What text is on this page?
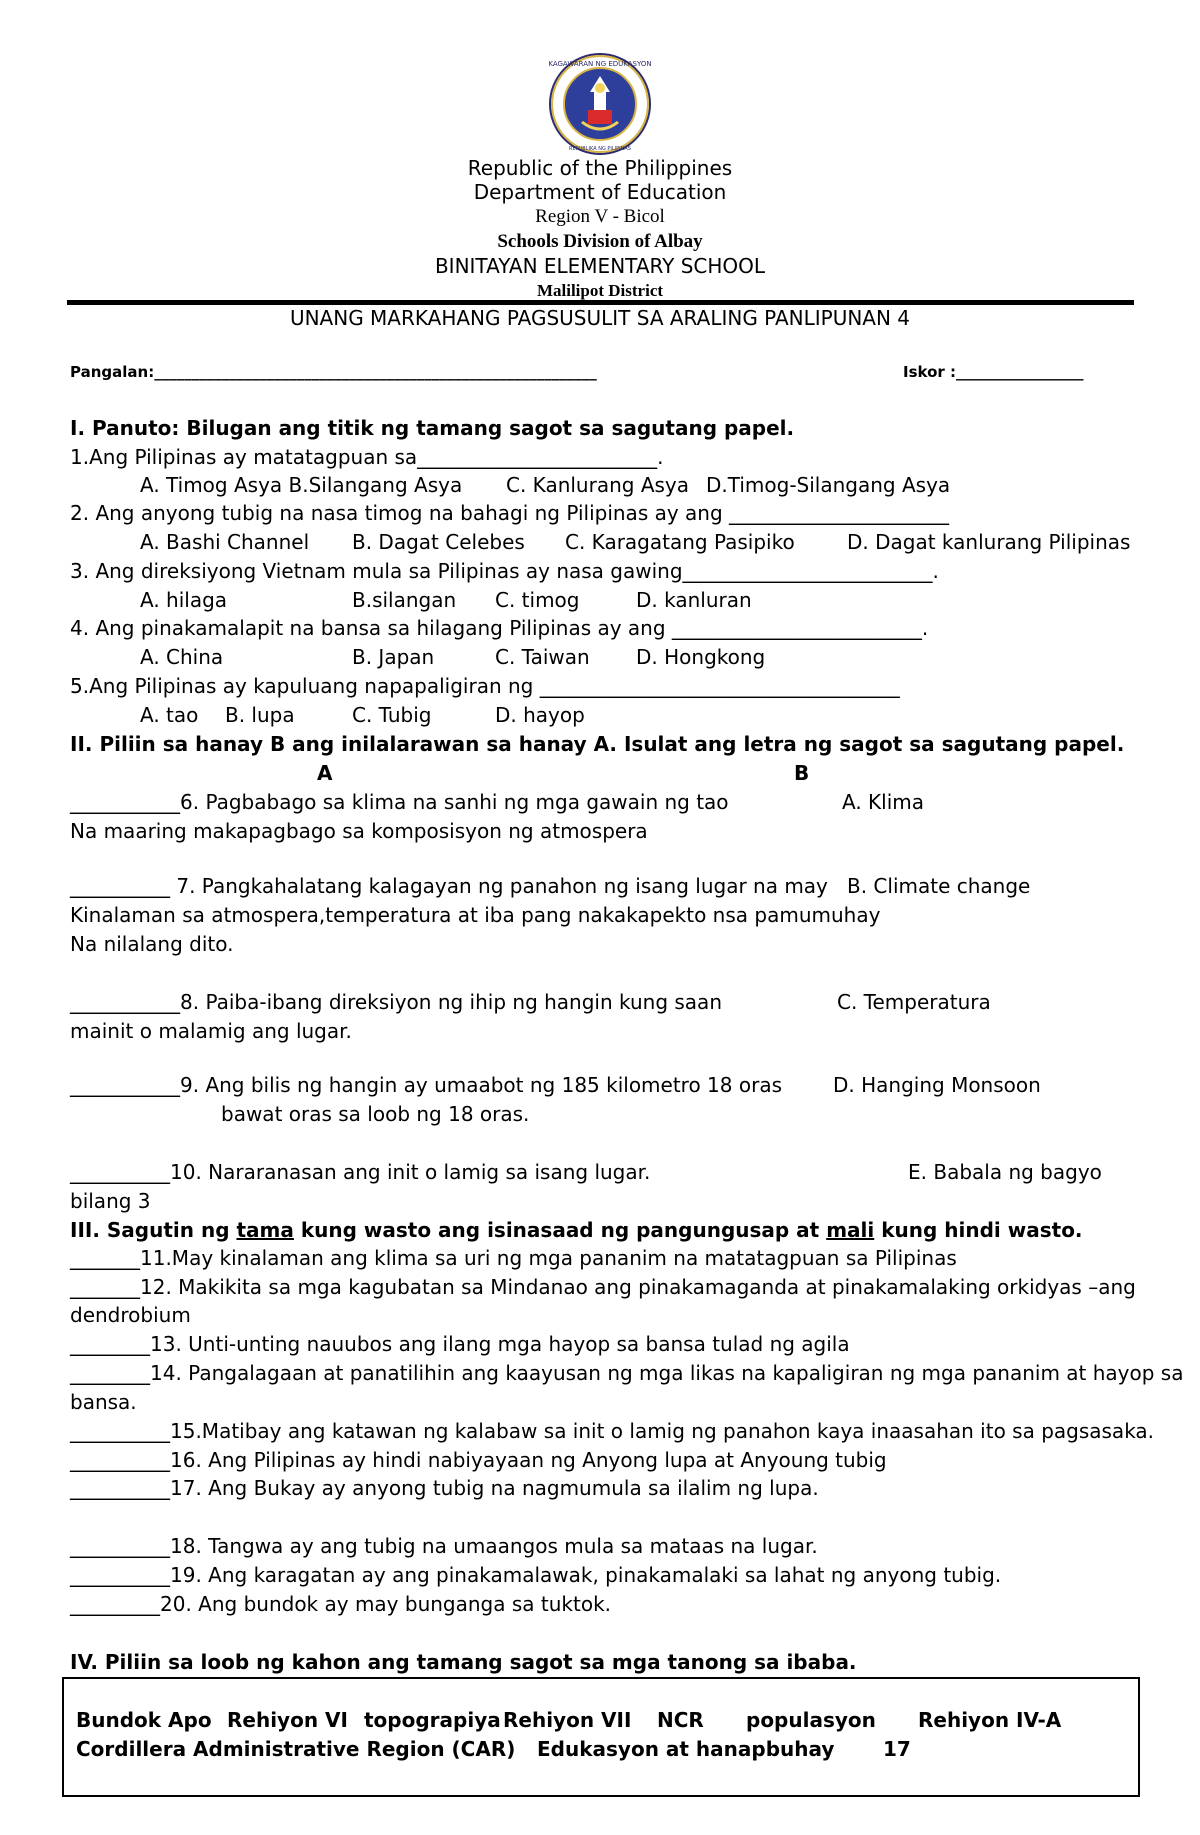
KAGAWARAN NG EDUKASYON
REPUBLIKA NG PILIPINAS
Republic of the Philippines
Department of Education
Region V - Bicol
Schools Division of Albay
BINITAYAN ELEMENTARY SCHOOL
Malilipot District
UNANG MARKAHANG PAGSUSULIT SA ARALING PANLIPUNAN 4
Pangalan:___________________________________________________________	Iskor :_________________
I. Panuto: Bilugan ang titik ng tamang sagot sa sagutang papel.
1.Ang Pilipinas ay matatagpuan sa________________________.
A. Timog Asya B.Silangang Asya C. Kanlurang Asya D.Timog-Silangang Asya
2. Ang anyong tubig na nasa timog na bahagi ng Pilipinas ay ang ______________________
A. Bashi Channel B. Dagat Celebes C. Karagatang Pasipiko	D. Dagat kanlurang Pilipinas
3. Ang direksiyong Vietnam mula sa Pilipinas ay nasa gawing_________________________.
A. hilaga	B.silangan C. timog	D. kanluran
4. Ang pinakamalapit na bansa sa hilagang Pilipinas ay ang _________________________.
A. China	B. Japan	C. Taiwan D. Hongkong
5.Ang Pilipinas ay kapuluang napapaligiran ng ____________________________________
A. tao B. lupa	C. Tubig	D. hayop
II. Piliin sa hanay B ang inilalarawan sa hanay A. Isulat ang letra ng sagot sa sagutang papel.
A	B
___________6. Pagbabago sa klima na sanhi ng mga gawain ng tao	A. Klima
Na maaring makapagbago sa komposisyon ng atmospera
__________ 7. Pangkahalatang kalagayan ng panahon ng isang lugar na may B. Climate change
Kinalaman sa atmospera,temperatura at iba pang nakakapekto nsa pamumuhay
Na nilalang dito.
___________8. Paiba-ibang direksiyon ng ihip ng hangin kung saan	C. Temperatura
mainit o malamig ang lugar.
___________9. Ang bilis ng hangin ay umaabot ng 185 kilometro 18 oras	D. Hanging Monsoon
bawat oras sa loob ng 18 oras.
__________10. Nararanasan ang init o lamig sa isang lugar.	E. Babala ng bagyo
bilang 3
III. Sagutin ng tama kung wasto ang isinasaad ng pangungusap at mali kung hindi wasto.
_______11.May kinalaman ang klima sa uri ng mga pananim na matatagpuan sa Pilipinas
_______12. Makikita sa mga kagubatan sa Mindanao ang pinakamaganda at pinakamalaking orkidyas –ang
dendrobium
________13. Unti-unting nauubos ang ilang mga hayop sa bansa tulad ng agila
________14. Pangalagaan at panatilihin ang kaayusan ng mga likas na kapaligiran ng mga pananim at hayop sa
bansa.
__________15.Matibay ang katawan ng kalabaw sa init o lamig ng panahon kaya inaasahan ito sa pagsasaka.
__________16. Ang Pilipinas ay hindi nabiyayaan ng Anyong lupa at Anyoung tubig
__________17. Ang Bukay ay anyong tubig na nagmumula sa ilalim ng lupa.
__________18. Tangwa ay ang tubig na umaangos mula sa mataas na lugar.
__________19. Ang karagatan ay ang pinakamalawak, pinakamalaki sa lahat ng anyong tubig.
_________20. Ang bundok ay may bunganga sa tuktok.
IV. Piliin sa loob ng kahon ang tamang sagot sa mga tanong sa ibaba.
Bundok Apo Rehiyon VI topograpiya Rehiyon VII NCR populasyon Rehiyon IV-A
Cordillera Administrative Region (CAR) Edukasyon at hanapbuhay 17
